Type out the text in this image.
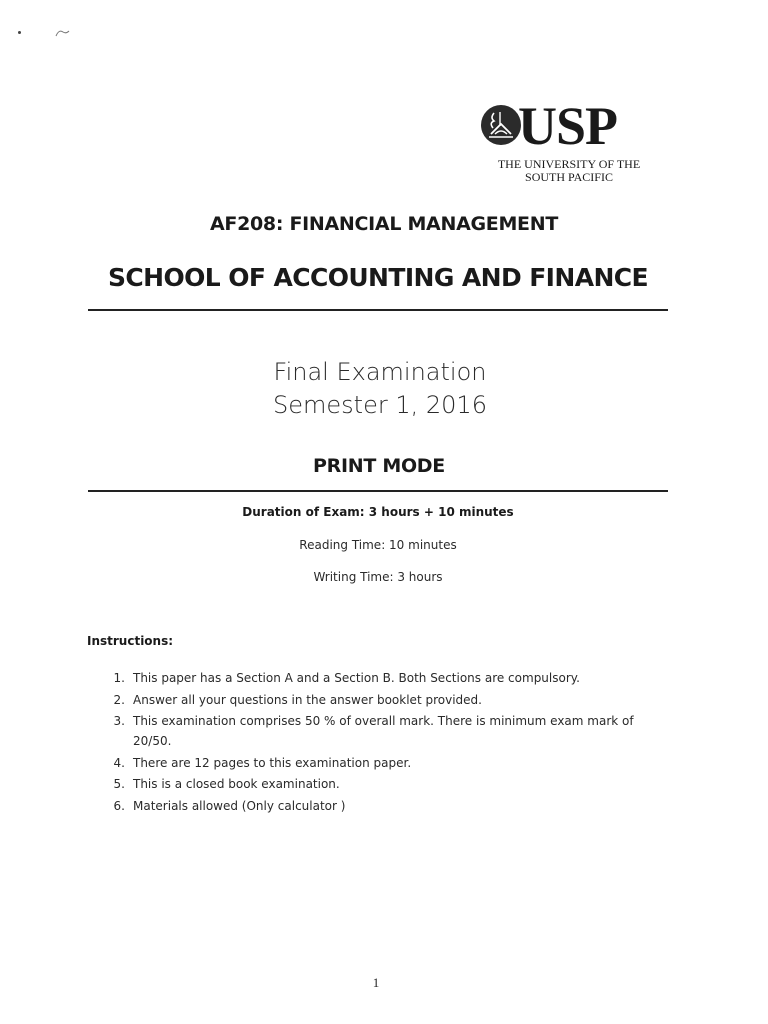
USP
THE UNIVERSITY OF THE
SOUTH PACIFIC
AF208: FINANCIAL MANAGEMENT
SCHOOL OF ACCOUNTING AND FINANCE
Final Examination
Semester 1, 2016
PRINT MODE
Duration of Exam: 3 hours + 10 minutes
Reading Time: 10 minutes
Writing Time: 3 hours
Instructions:
1. This paper has a Section A and a Section B. Both Sections are compulsory.
2. Answer all your questions in the answer booklet provided.
3. This examination comprises 50 % of overall mark. There is minimum exam mark of 20/50.
4. There are 12 pages to this examination paper.
5. This is a closed book examination.
6. Materials allowed (Only calculator )
1
